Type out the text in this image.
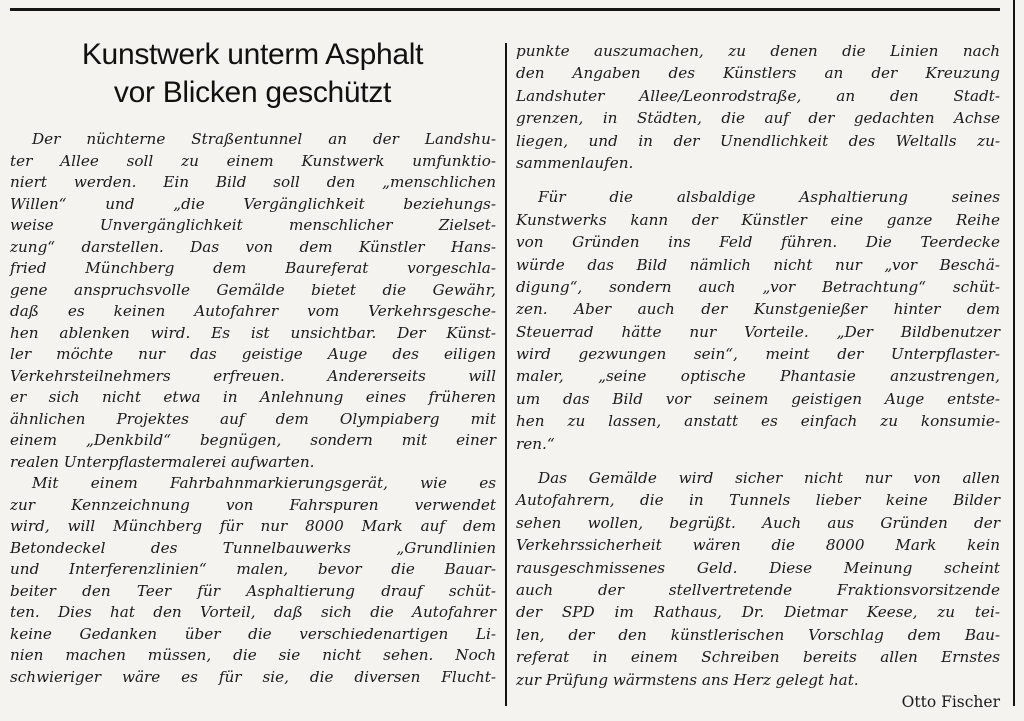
Kunstwerk unterm Asphalt
vor Blicken geschützt
Der nüchterne Straßentunnel an der Landshu-
ter Allee soll zu einem Kunstwerk umfunktio-
niert werden. Ein Bild soll den „menschlichen
Willen“ und „die Vergänglichkeit beziehungs-
weise Unvergänglichkeit menschlicher Zielset-
zung“ darstellen. Das von dem Künstler Hans-
fried Münchberg dem Baureferat vorgeschla-
gene anspruchsvolle Gemälde bietet die Gewähr,
daß es keinen Autofahrer vom Verkehrsgesche-
hen ablenken wird. Es ist unsichtbar. Der Künst-
ler möchte nur das geistige Auge des eiligen
Verkehrsteilnehmers erfreuen. Andererseits will
er sich nicht etwa in Anlehnung eines früheren
ähnlichen Projektes auf dem Olympiaberg mit
einem „Denkbild“ begnügen, sondern mit einer
realen Unterpflastermalerei aufwarten.
Mit einem Fahrbahnmarkierungsgerät, wie es
zur Kennzeichnung von Fahrspuren verwendet
wird, will Münchberg für nur 8000 Mark auf dem
Betondeckel des Tunnelbauwerks „Grundlinien
und Interferenzlinien“ malen, bevor die Bauar-
beiter den Teer für Asphaltierung drauf schüt-
ten. Dies hat den Vorteil, daß sich die Autofahrer
keine Gedanken über die verschiedenartigen Li-
nien machen müssen, die sie nicht sehen. Noch
schwieriger wäre es für sie, die diversen Flucht-
punkte auszumachen, zu denen die Linien nach
den Angaben des Künstlers an der Kreuzung
Landshuter Allee/Leonrodstraße, an den Stadt-
grenzen, in Städten, die auf der gedachten Achse
liegen, und in der Unendlichkeit des Weltalls zu-
sammenlaufen.
Für die alsbaldige Asphaltierung seines
Kunstwerks kann der Künstler eine ganze Reihe
von Gründen ins Feld führen. Die Teerdecke
würde das Bild nämlich nicht nur „vor Beschä-
digung“, sondern auch „vor Betrachtung“ schüt-
zen. Aber auch der Kunstgenießer hinter dem
Steuerrad hätte nur Vorteile. „Der Bildbenutzer
wird gezwungen sein“, meint der Unterpflaster-
maler, „seine optische Phantasie anzustrengen,
um das Bild vor seinem geistigen Auge entste-
hen zu lassen, anstatt es einfach zu konsumie-
ren.“
Das Gemälde wird sicher nicht nur von allen
Autofahrern, die in Tunnels lieber keine Bilder
sehen wollen, begrüßt. Auch aus Gründen der
Verkehrssicherheit wären die 8000 Mark kein
rausgeschmissenes Geld. Diese Meinung scheint
auch der stellvertretende Fraktionsvorsitzende
der SPD im Rathaus, Dr. Dietmar Keese, zu tei-
len, der den künstlerischen Vorschlag dem Bau-
referat in einem Schreiben bereits allen Ernstes
zur Prüfung wärmstens ans Herz gelegt hat.
Otto Fischer
